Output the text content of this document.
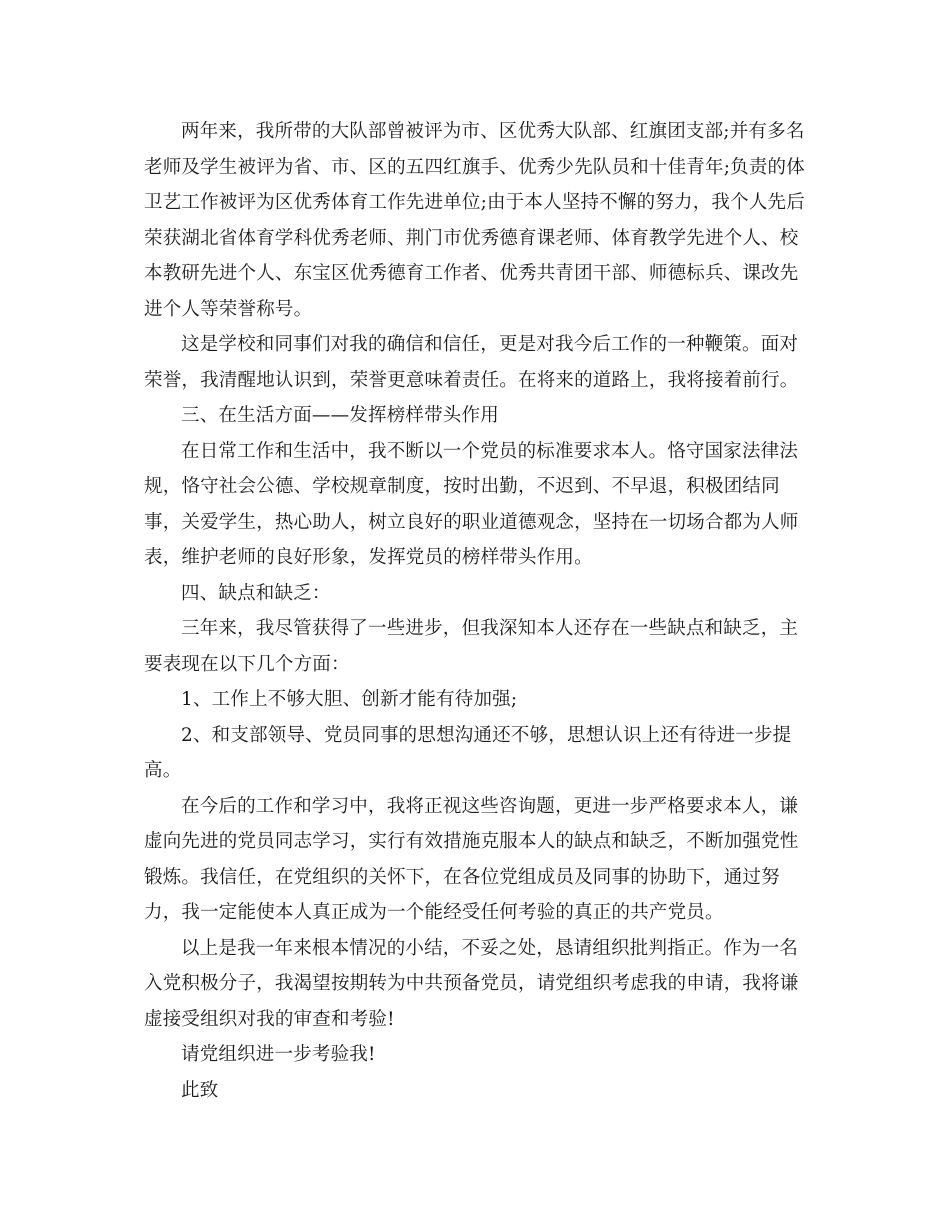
两年来，我所带的大队部曾被评为市、区优秀大队部、红旗团支部;并有多名老师及学生被评为省、市、区的五四红旗手、优秀少先队员和十佳青年;负责的体卫艺工作被评为区优秀体育工作先进单位;由于本人坚持不懈的努力，我个人先后荣获湖北省体育学科优秀老师、荆门市优秀德育课老师、体育教学先进个人、校本教研先进个人、东宝区优秀德育工作者、优秀共青团干部、师德标兵、课改先进个人等荣誉称号。

这是学校和同事们对我的确信和信任，更是对我今后工作的一种鞭策。面对荣誉，我清醒地认识到，荣誉更意味着责任。在将来的道路上，我将接着前行。

三、在生活方面——发挥榜样带头作用

在日常工作和生活中，我不断以一个党员的标准要求本人。恪守国家法律法规，恪守社会公德、学校规章制度，按时出勤，不迟到、不早退，积极团结同事，关爱学生，热心助人，树立良好的职业道德观念，坚持在一切场合都为人师表，维护老师的良好形象，发挥党员的榜样带头作用。

四、缺点和缺乏：

三年来，我尽管获得了一些进步，但我深知本人还存在一些缺点和缺乏，主要表现在以下几个方面：

1、工作上不够大胆、创新才能有待加强;

2、和支部领导、党员同事的思想沟通还不够，思想认识上还有待进一步提高。

在今后的工作和学习中，我将正视这些咨询题，更进一步严格要求本人，谦虚向先进的党员同志学习，实行有效措施克服本人的缺点和缺乏，不断加强党性锻炼。我信任，在党组织的关怀下，在各位党组成员及同事的协助下，通过努力，我一定能使本人真正成为一个能经受任何考验的真正的共产党员。

以上是我一年来根本情况的小结，不妥之处，恳请组织批判指正。作为一名入党积极分子，我渴望按期转为中共预备党员，请党组织考虑我的申请，我将谦虚接受组织对我的审查和考验!

请党组织进一步考验我!

此致
